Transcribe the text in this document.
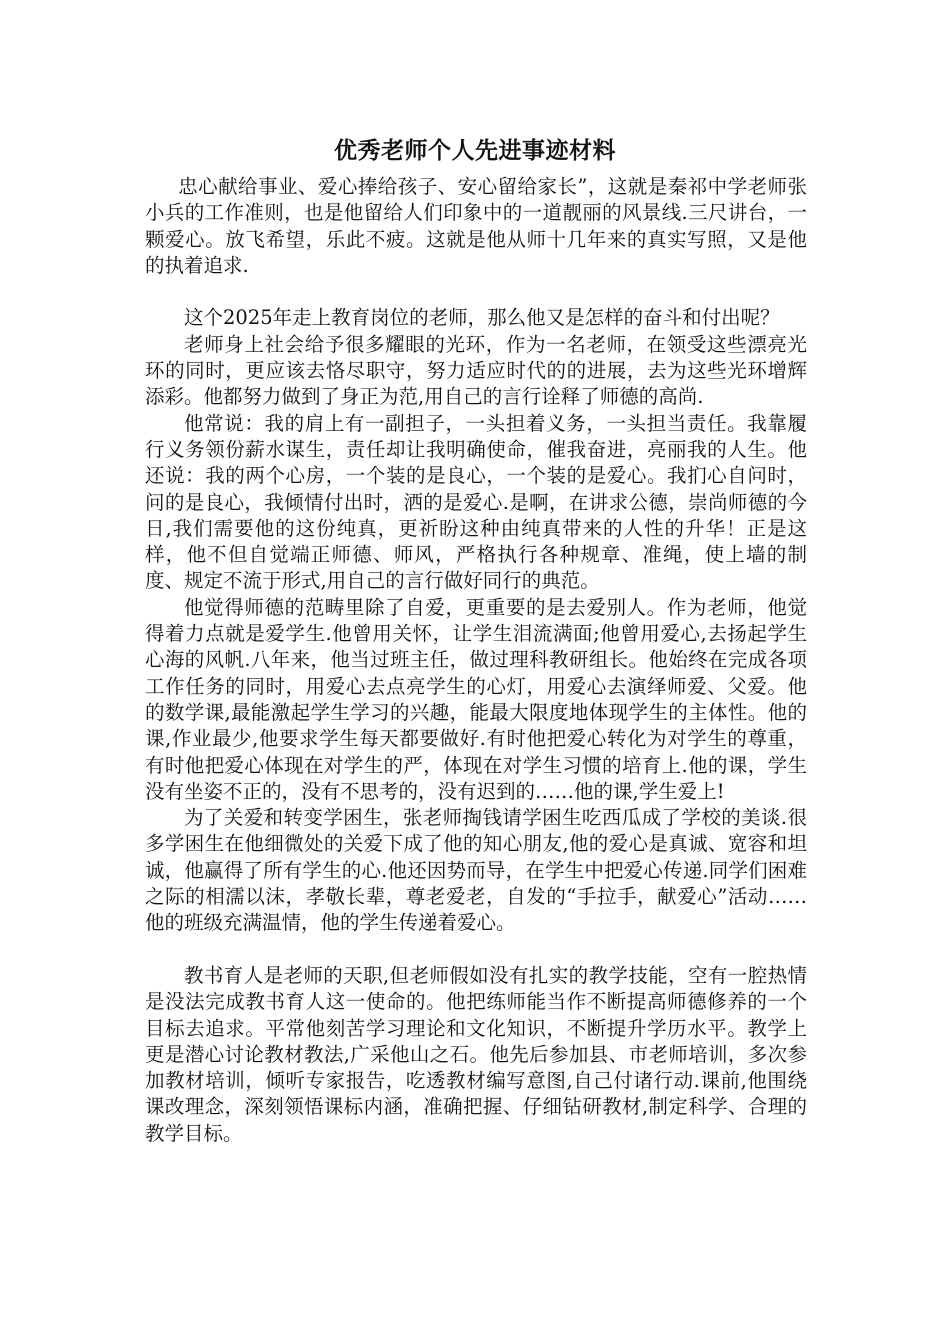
优秀老师个人先进事迹材料

忠心献给事业、爱心捧给孩子、安心留给家长”，这就是秦祁中学老师张小兵的工作准则，也是他留给人们印象中的一道靓丽的风景线.三尺讲台，一颗爱心。放飞希望，乐此不疲。这就是他从师十几年来的真实写照，又是他的执着追求.

这个2025年走上教育岗位的老师，那么他又是怎样的奋斗和付出呢？

老师身上社会给予很多耀眼的光环，作为一名老师，在领受这些漂亮光环的同时，更应该去恪尽职守，努力适应时代的的进展，去为这些光环增辉添彩。他都努力做到了身正为范,用自己的言行诠释了师德的高尚.

他常说：我的肩上有一副担子，一头担着义务，一头担当责任。我靠履行义务领份薪水谋生，责任却让我明确使命，催我奋进，亮丽我的人生。他还说：我的两个心房，一个装的是良心，一个装的是爱心。我扪心自问时，问的是良心，我倾情付出时，洒的是爱心.是啊，在讲求公德，崇尚师德的今日,我们需要他的这份纯真，更祈盼这种由纯真带来的人性的升华！正是这样，他不但自觉端正师德、师风，严格执行各种规章、准绳，使上墙的制度、规定不流于形式,用自己的言行做好同行的典范。

他觉得师德的范畴里除了自爱，更重要的是去爱别人。作为老师，他觉得着力点就是爱学生.他曾用关怀，让学生泪流满面;他曾用爱心,去扬起学生心海的风帆.八年来，他当过班主任，做过理科教研组长。他始终在完成各项工作任务的同时，用爱心去点亮学生的心灯，用爱心去演绎师爱、父爱。他的数学课,最能激起学生学习的兴趣，能最大限度地体现学生的主体性。他的课,作业最少,他要求学生每天都要做好.有时他把爱心转化为对学生的尊重，有时他把爱心体现在对学生的严，体现在对学生习惯的培育上.他的课，学生没有坐姿不正的，没有不思考的，没有迟到的……他的课,学生爱上!

为了关爱和转变学困生，张老师掏钱请学困生吃西瓜成了学校的美谈.很多学困生在他细微处的关爱下成了他的知心朋友,他的爱心是真诚、宽容和坦诚，他赢得了所有学生的心.他还因势而导，在学生中把爱心传递.同学们困难之际的相濡以沫，孝敬长辈，尊老爱老，自发的“手拉手，献爱心”活动……他的班级充满温情，他的学生传递着爱心。

教书育人是老师的天职,但老师假如没有扎实的教学技能，空有一腔热情是没法完成教书育人这一使命的。他把练师能当作不断提高师德修养的一个目标去追求。平常他刻苦学习理论和文化知识，不断提升学历水平。教学上更是潜心讨论教材教法,广采他山之石。他先后参加县、市老师培训，多次参加教材培训，倾听专家报告，吃透教材编写意图,自己付诸行动.课前,他围绕课改理念，深刻领悟课标内涵，准确把握、仔细钻研教材,制定科学、合理的教学目标。
